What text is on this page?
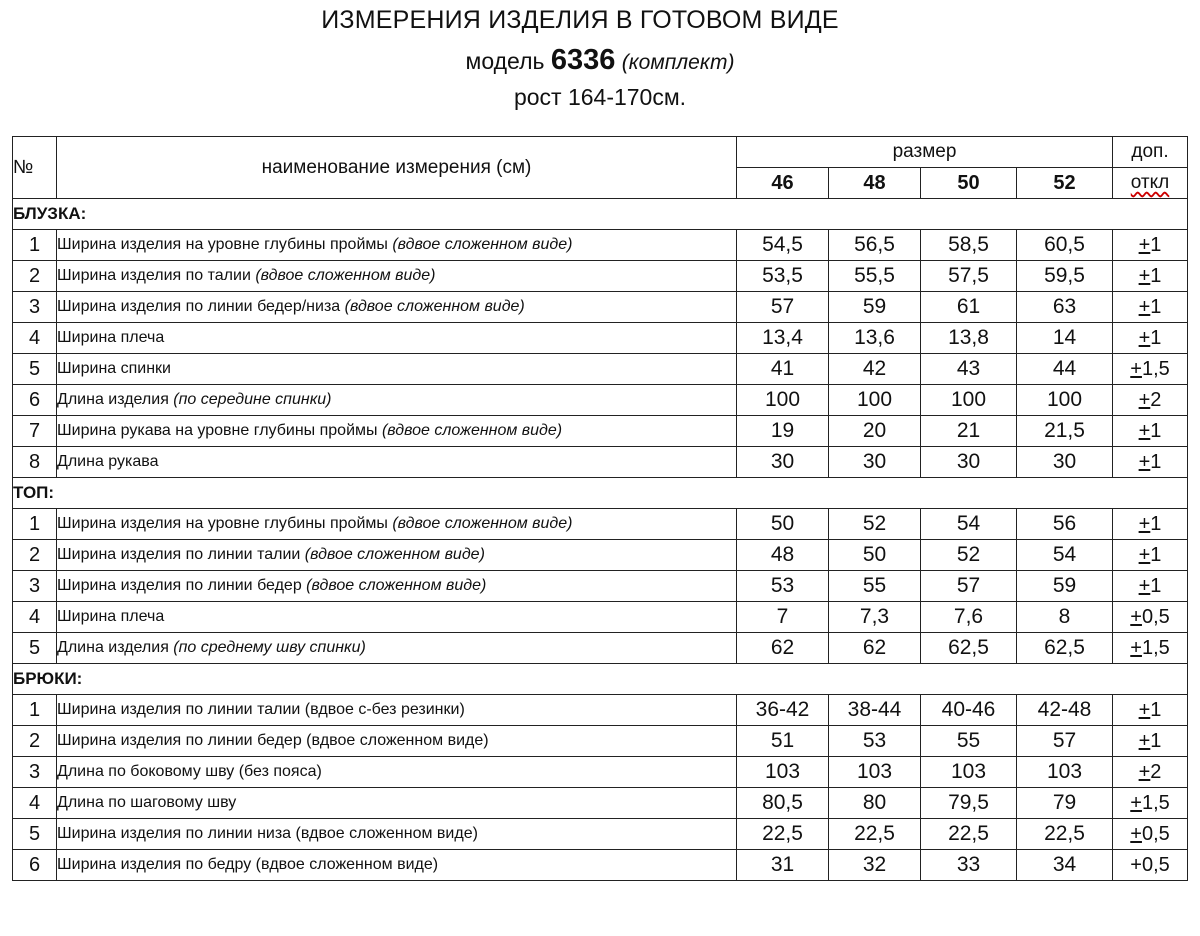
ИЗМЕРЕНИЯ ИЗДЕЛИЯ В ГОТОВОМ ВИДЕ
модель 6336 (комплект)
рост 164-170см.
№	наименование измерения (см)	размер				доп.
		46	48	50	52	откл
БЛУЗКА:						
1	Ширина изделия на уровне глубины проймы (вдвое сложенном виде)	54,5	56,5	58,5	60,5	+1
2	Ширина изделия по талии (вдвое сложенном виде)	53,5	55,5	57,5	59,5	+1
3	Ширина изделия по линии бедер/низа (вдвое сложенном виде)	57	59	61	63	+1
4	Ширина плеча	13,4	13,6	13,8	14	+1
5	Ширина спинки	41	42	43	44	+1,5
6	Длина изделия (по середине спинки)	100	100	100	100	+2
7	Ширина рукава на уровне глубины проймы (вдвое сложенном виде)	19	20	21	21,5	+1
8	Длина рукава	30	30	30	30	+1
ТОП:						
1	Ширина изделия на уровне глубины проймы (вдвое сложенном виде)	50	52	54	56	+1
2	Ширина изделия по линии талии (вдвое сложенном виде)	48	50	52	54	+1
3	Ширина изделия по линии бедер (вдвое сложенном виде)	53	55	57	59	+1
4	Ширина плеча	7	7,3	7,6	8	+0,5
5	Длина изделия (по среднему шву спинки)	62	62	62,5	62,5	+1,5
БРЮКИ:						
1	Ширина изделия по линии талии (вдвое с-без резинки)	36-42	38-44	40-46	42-48	+1
2	Ширина изделия по линии бедер (вдвое сложенном виде)	51	53	55	57	+1
3	Длина по боковому шву (без пояса)	103	103	103	103	+2
4	Длина по шаговому шву	80,5	80	79,5	79	+1,5
5	Ширина изделия по линии низа (вдвое сложенном виде)	22,5	22,5	22,5	22,5	+0,5
6	Ширина изделия по бедру (вдвое сложенном виде)	31	32	33	34	+0,5
